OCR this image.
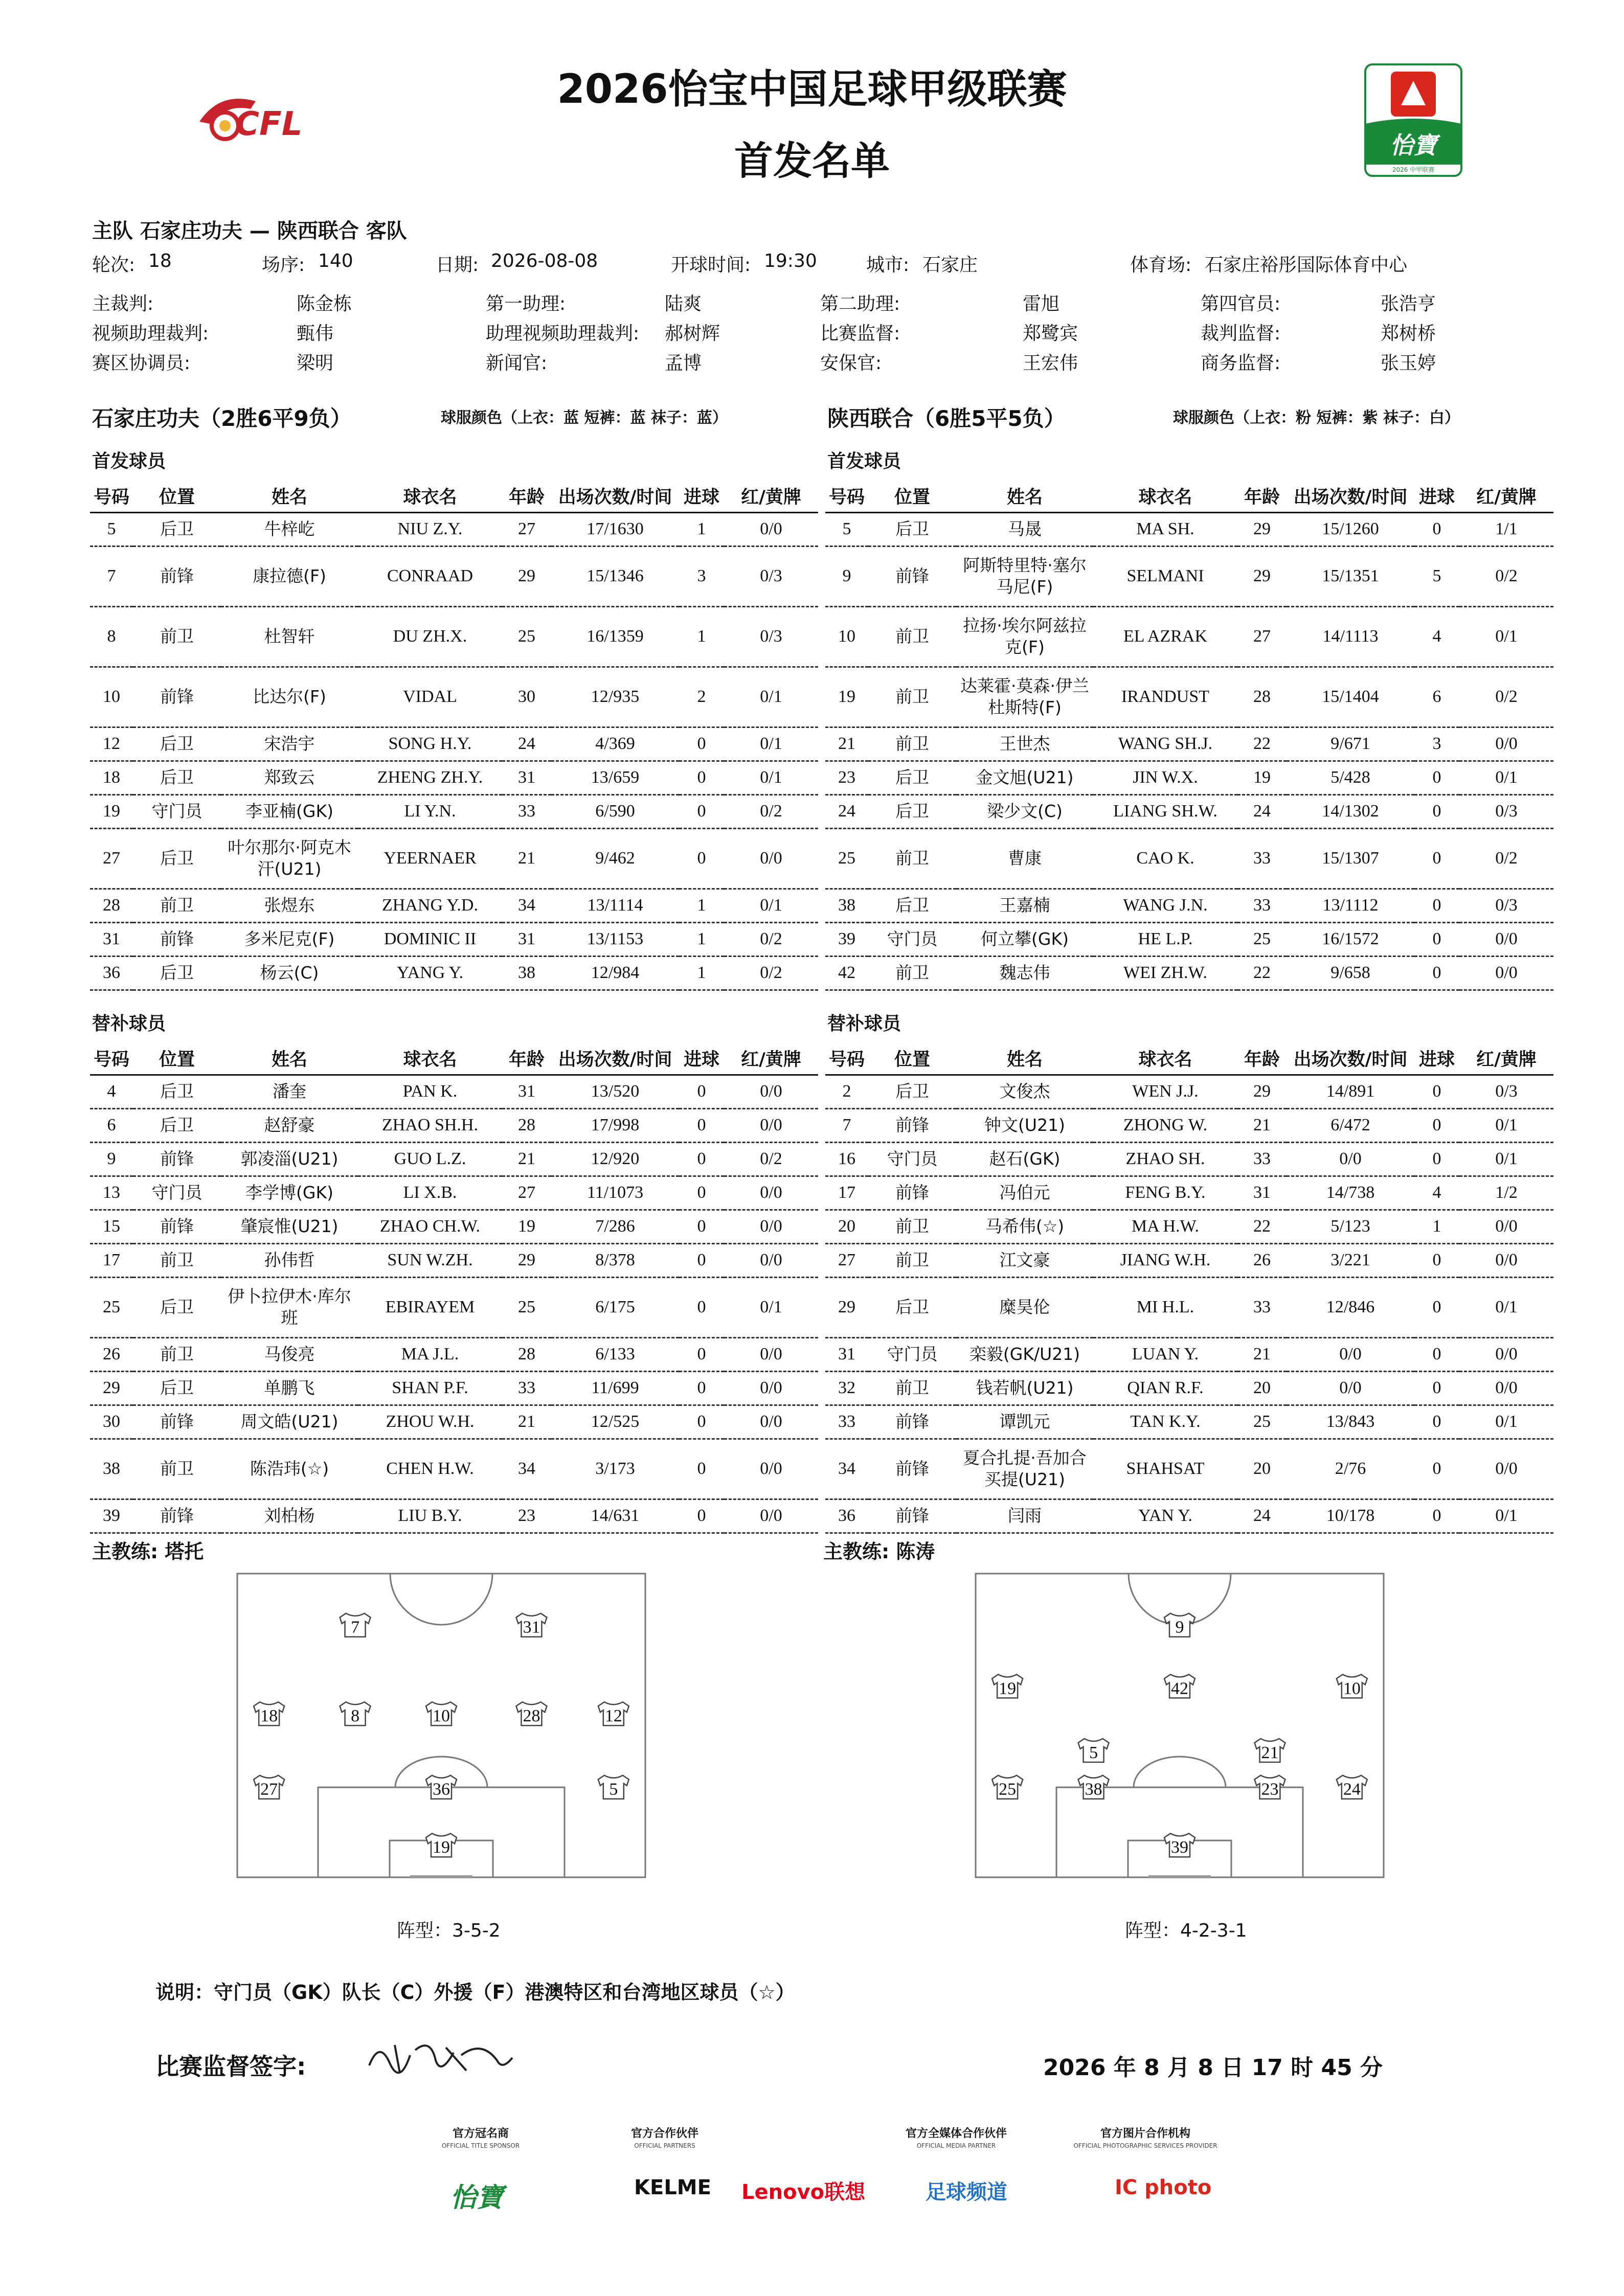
CFL
怡寶
2026 中甲联赛
2026怡宝中国足球甲级联赛
首发名单
主队 石家庄功夫 — 陕西联合 客队
轮次: 18	场序: 140	日期: 2026-08-08	开球时间: 19:30	城市: 石家庄	体育场: 石家庄裕彤国际体育中心
主裁判:	陈金栋	第一助理:	陆爽	第二助理:	雷旭	第四官员:	张浩亨
视频助理裁判:	甄伟	助理视频助理裁判: 郝树辉	比赛监督:	郑鹭宾	裁判监督:	郑树桥
赛区协调员:	梁明	新闻官:	孟博	安保官:	王宏伟	商务监督:	张玉婷
石家庄功夫（2胜6平9负）	球服颜色（上衣：蓝 短裤：蓝 袜子：蓝）	陕西联合（6胜5平5负）	球服颜色（上衣：粉 短裤：紫 袜子：白）
首发球员	首发球员
替补球员	替补球员
号码	位置	姓名	球衣名	年龄	出场次数/时间	进球	红/黄牌
5	后卫	牛梓屹	NIU Z.Y.	27	17/1630	1	0/0
7	前锋	康拉德(F)	CONRAAD	29	15/1346	3	0/3
8	前卫	杜智轩	DU ZH.X.	25	16/1359	1	0/3
10	前锋	比达尔(F)	VIDAL	30	12/935	2	0/1
12	后卫	宋浩宇	SONG H.Y.	24	4/369	0	0/1
18	后卫	郑致云	ZHENG ZH.Y.	31	13/659	0	0/1
19	守门员	李亚楠(GK)	LI Y.N.	33	6/590	0	0/2
27	后卫	叶尔那尔·阿克木汗(U21)	YEERNAER	21	9/462	0	0/0
28	前卫	张煜东	ZHANG Y.D.	34	13/1114	1	0/1
31	前锋	多米尼克(F)	DOMINIC II	31	13/1153	1	0/2
36	后卫	杨云(C)	YANG Y.	38	12/984	1	0/2
号码	位置	姓名	球衣名	年龄	出场次数/时间	进球	红/黄牌
5	后卫	马晟	MA SH.	29	15/1260	0	1/1
9	前锋	阿斯特里特·塞尔马尼(F)	SELMANI	29	15/1351	5	0/2
10	前卫	拉扬·埃尔阿兹拉克(F)	EL AZRAK	27	14/1113	4	0/1
19	前卫	达莱霍·莫森·伊兰杜斯特(F)	IRANDUST	28	15/1404	6	0/2
21	前卫	王世杰	WANG SH.J.	22	9/671	3	0/0
23	后卫	金文旭(U21)	JIN W.X.	19	5/428	0	0/1
24	后卫	梁少文(C)	LIANG SH.W.	24	14/1302	0	0/3
25	前卫	曹康	CAO K.	33	15/1307	0	0/2
38	后卫	王嘉楠	WANG J.N.	33	13/1112	0	0/3
39	守门员	何立攀(GK)	HE L.P.	25	16/1572	0	0/0
42	前卫	魏志伟	WEI ZH.W.	22	9/658	0	0/0
号码	位置	姓名	球衣名	年龄	出场次数/时间	进球	红/黄牌
4	后卫	潘奎	PAN K.	31	13/520	0	0/0
6	后卫	赵舒豪	ZHAO SH.H.	28	17/998	0	0/0
9	前锋	郭凌淄(U21)	GUO L.Z.	21	12/920	0	0/2
13	守门员	李学博(GK)	LI X.B.	27	11/1073	0	0/0
15	前锋	肇宸惟(U21)	ZHAO CH.W.	19	7/286	0	0/0
17	前卫	孙伟哲	SUN W.ZH.	29	8/378	0	0/0
25	后卫	伊卜拉伊木·库尔班	EBIRAYEM	25	6/175	0	0/1
26	前卫	马俊亮	MA J.L.	28	6/133	0	0/0
29	后卫	单鹏飞	SHAN P.F.	33	11/699	0	0/0
30	前锋	周文皓(U21)	ZHOU W.H.	21	12/525	0	0/0
38	前卫	陈浩玮(☆)	CHEN H.W.	34	3/173	0	0/0
39	前锋	刘柏杨	LIU B.Y.	23	14/631	0	0/0
号码	位置	姓名	球衣名	年龄	出场次数/时间	进球	红/黄牌
2	后卫	文俊杰	WEN J.J.	29	14/891	0	0/3
7	前锋	钟文(U21)	ZHONG W.	21	6/472	0	0/1
16	守门员	赵石(GK)	ZHAO SH.	33	0/0	0	0/1
17	前锋	冯伯元	FENG B.Y.	31	14/738	4	1/2
20	前卫	马希伟(☆)	MA H.W.	22	5/123	1	0/0
27	前卫	江文豪	JIANG W.H.	26	3/221	0	0/0
29	后卫	糜昊伦	MI H.L.	33	12/846	0	0/1
31	守门员	栾毅(GK/U21)	LUAN Y.	21	0/0	0	0/0
32	前卫	钱若帆(U21)	QIAN R.F.	20	0/0	0	0/0
33	前锋	谭凯元	TAN K.Y.	25	13/843	0	0/1
34	前锋	夏合扎提·吾加合买提(U21)	SHAHSAT	20	2/76	0	0/0
36	前锋	闫雨	YAN Y.	24	10/178	0	0/1
主教练: 塔托	主教练: 陈涛
7	31
18	8	10	28	12
27	36	5
19
9
19	42	10
5	21
25	38	23	24
39
阵型：3-5-2	阵型：4-2-3-1
说明：守门员（GK）队长（C）外援（F）港澳特区和台湾地区球员（☆）
比赛监督签字:	2026 年 8 月 8 日 17 时 45 分
官方冠名商
OFFICIAL TITLE SPONSOR
怡寶
官方合作伙伴
OFFICIAL PARTNERS
KELME Lenovo联想
官方全媒体合作伙伴
OFFICIAL MEDIA PARTNER
足球频道
官方图片合作机构
OFFICIAL PHOTOGRAPHIC SERVICES PROVIDER
IC photo
